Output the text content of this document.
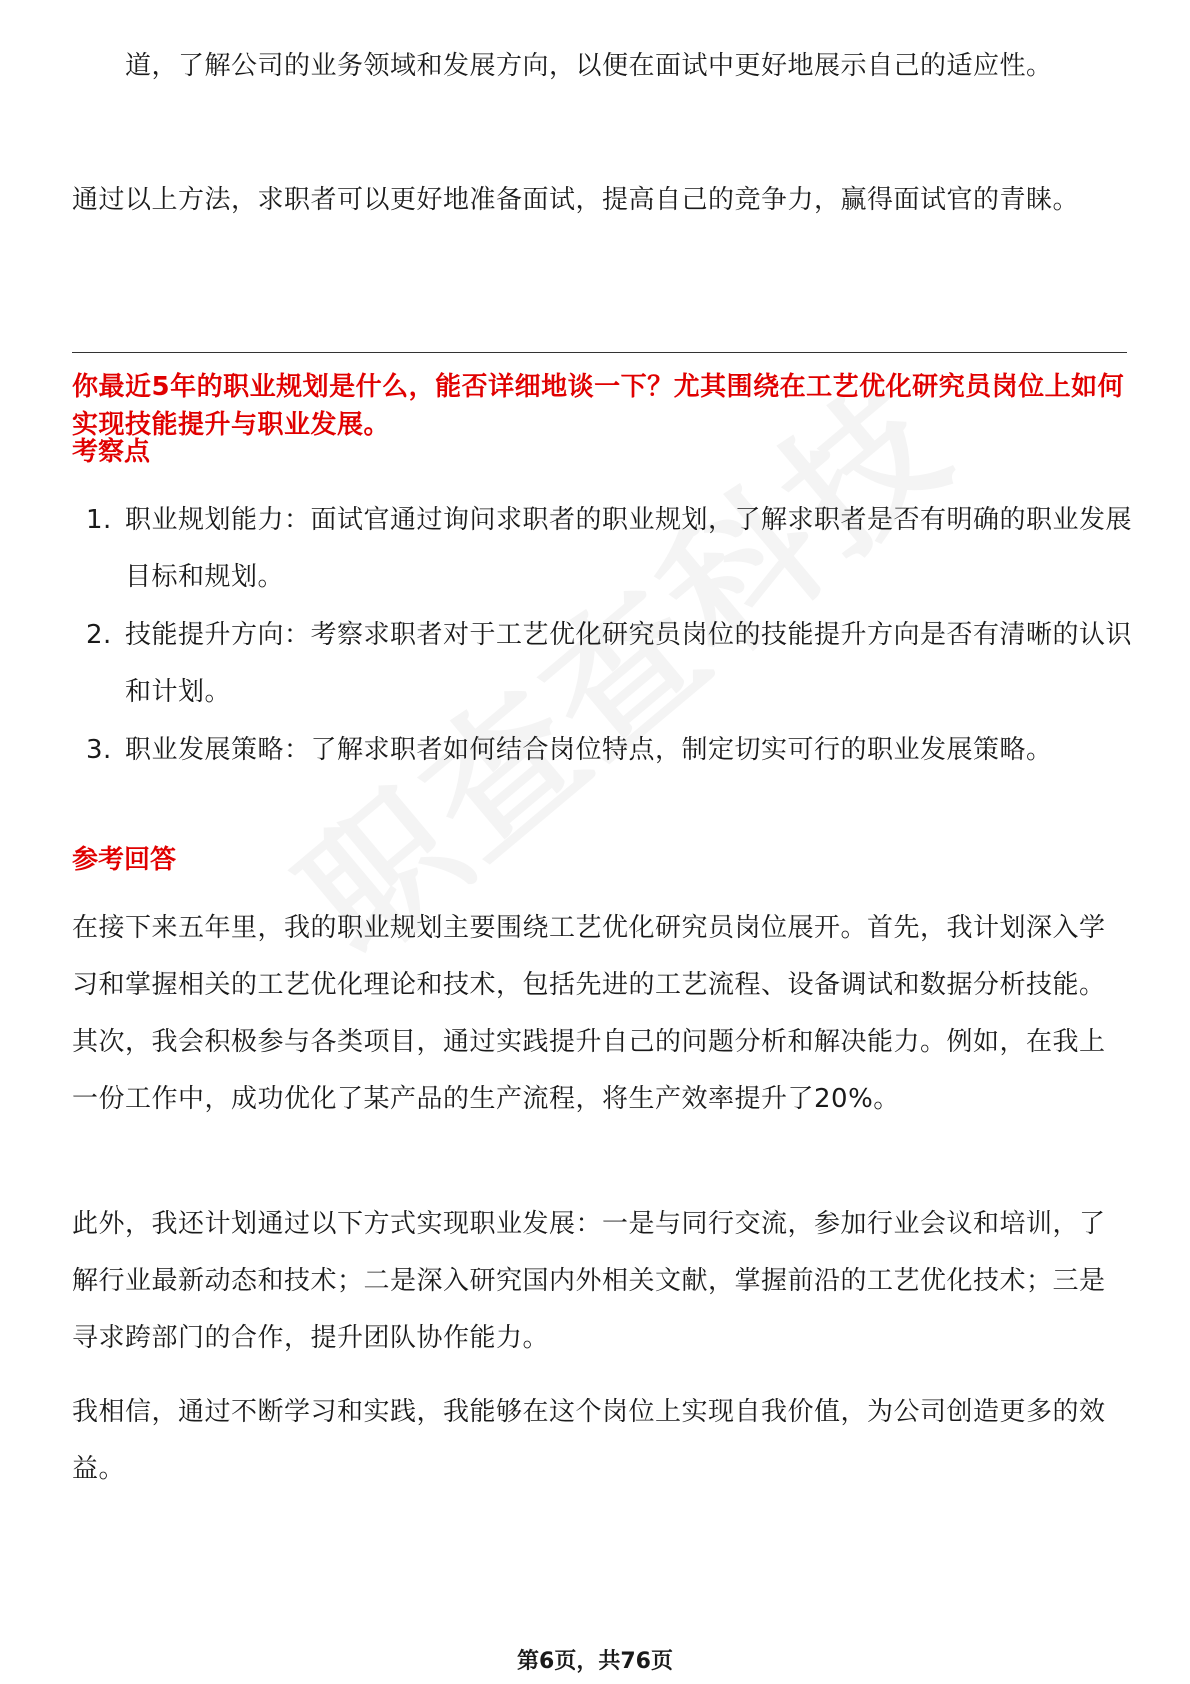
道，了解公司的业务领域和发展方向，以便在面试中更好地展示自己的适应性。
通过以上方法，求职者可以更好地准备面试，提高自己的竞争力，赢得面试官的青睐。
你最近5年的职业规划是什么，能否详细地谈一下？尤其围绕在工艺优化研究员岗位上如何实现技能提升与职业发展。
考察点
1. 职业规划能力：面试官通过询问求职者的职业规划，了解求职者是否有明确的职业发展目标和规划。
2. 技能提升方向：考察求职者对于工艺优化研究员岗位的技能提升方向是否有清晰的认识和计划。
3. 职业发展策略：了解求职者如何结合岗位特点，制定切实可行的职业发展策略。
参考回答
在接下来五年里，我的职业规划主要围绕工艺优化研究员岗位展开。首先，我计划深入学习和掌握相关的工艺优化理论和技术，包括先进的工艺流程、设备调试和数据分析技能。其次，我会积极参与各类项目，通过实践提升自己的问题分析和解决能力。例如，在我上一份工作中，成功优化了某产品的生产流程，将生产效率提升了20%。
此外，我还计划通过以下方式实现职业发展：一是与同行交流，参加行业会议和培训，了解行业最新动态和技术；二是深入研究国内外相关文献，掌握前沿的工艺优化技术；三是寻求跨部门的合作，提升团队协作能力。
我相信，通过不断学习和实践，我能够在这个岗位上实现自我价值，为公司创造更多的效益。
第6页，共76页
